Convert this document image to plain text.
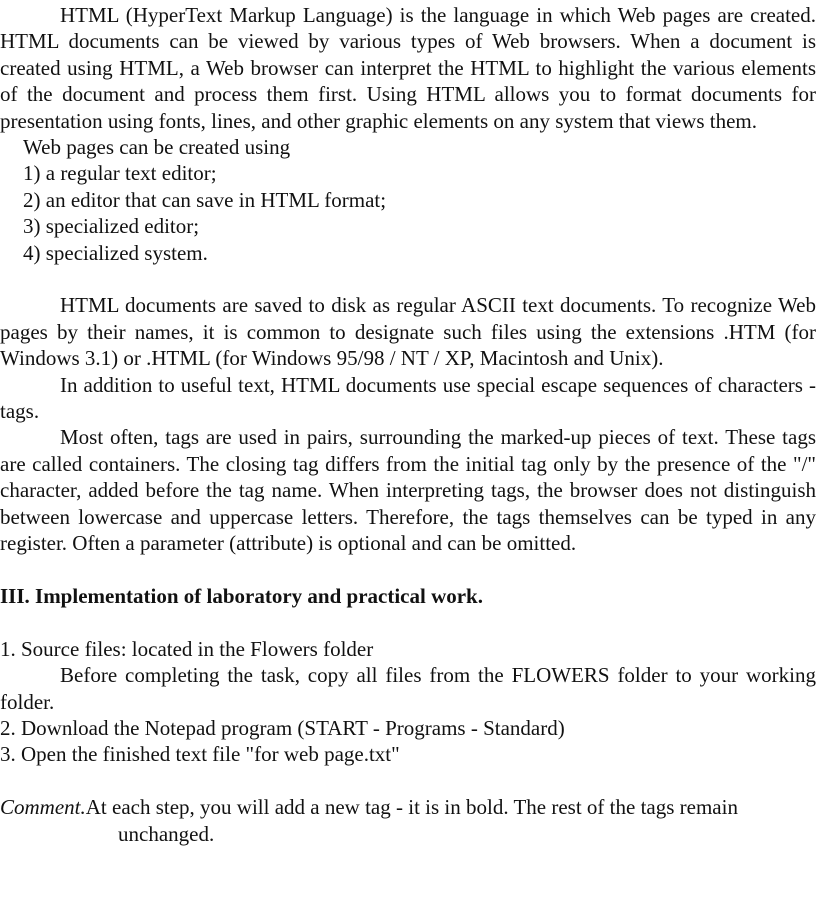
HTML (HyperText Markup Language) is the language in which Web pages are created. HTML documents can be viewed by various types of Web browsers. When a document is created using HTML, a Web browser can interpret the HTML to highlight the various elements of the document and process them first. Using HTML allows you to format documents for presentation using fonts, lines, and other graphic elements on any system that views them.

Web pages can be created using

1) a regular text editor;

2) an editor that can save in HTML format;

3) specialized editor;

4) specialized system.

HTML documents are saved to disk as regular ASCII text documents. To recognize Web pages by their names, it is common to designate such files using the extensions .HTM (for Windows 3.1) or .HTML (for Windows 95/98 / NT / XP, Macintosh and Unix).

In addition to useful text, HTML documents use special escape sequences of characters - tags.

Most often, tags are used in pairs, surrounding the marked-up pieces of text. These tags are called containers. The closing tag differs from the initial tag only by the presence of the "/" character, added before the tag name. When interpreting tags, the browser does not distinguish between lowercase and uppercase letters. Therefore, the tags themselves can be typed in any register. Often a parameter (attribute) is optional and can be omitted.

III. Implementation of laboratory and practical work.

1. Source files: located in the Flowers folder

Before completing the task, copy all files from the FLOWERS folder to your working folder.

2. Download the Notepad program (START - Programs - Standard)

3. Open the finished text file "for web page.txt"

Comment.At each step, you will add a new tag - it is in bold. The rest of the tags remain

unchanged.
